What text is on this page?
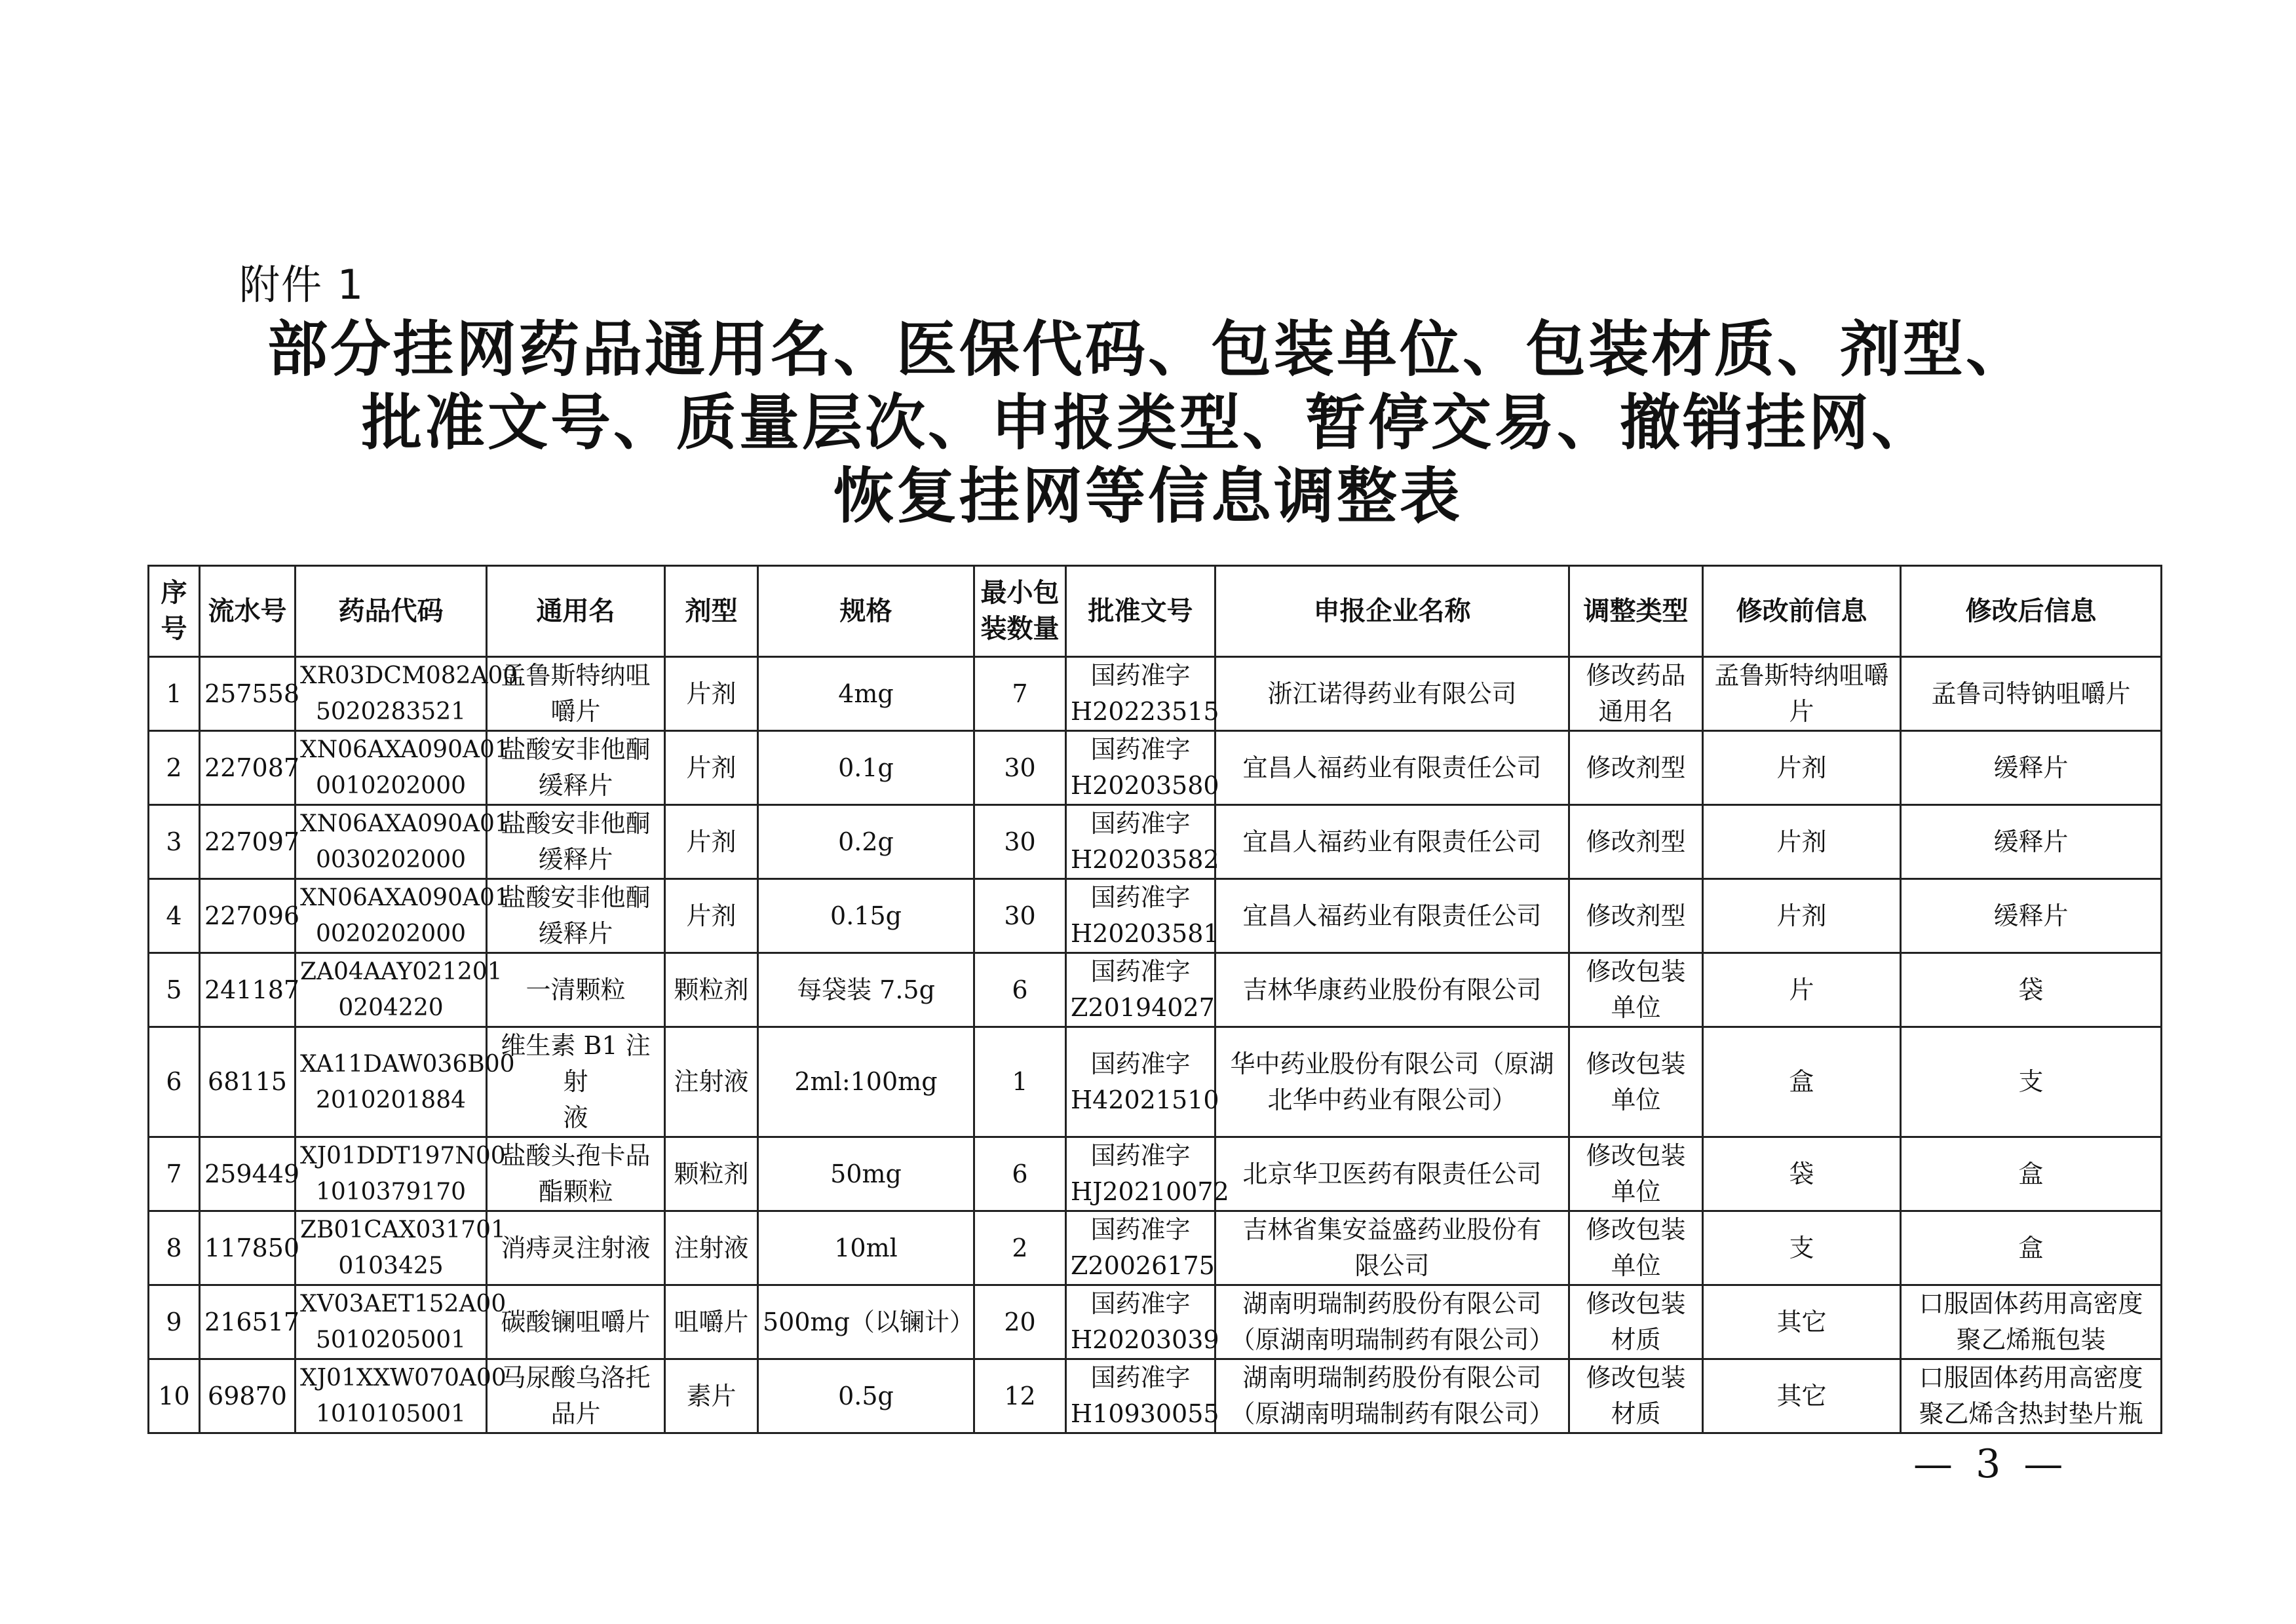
附件 1
部分挂网药品通用名、医保代码、包装单位、包装材质、剂型、
批准文号、质量层次、申报类型、暂停交易、撤销挂网、
恢复挂网等信息调整表
序
号	流水号	药品代码	通用名	剂型	规格	最小包
装数量	批准文号	申报企业名称	调整类型	修改前信息	修改后信息
1	257558	XR03DCM082A00
5020283521	孟鲁斯特纳咀
嚼片	片剂	4mg	7	国药准字
H20223515	浙江诺得药业有限公司	修改药品
通用名	孟鲁斯特纳咀嚼
片	孟鲁司特钠咀嚼片
2	227087	XN06AXA090A01
0010202000	盐酸安非他酮
缓释片	片剂	0.1g	30	国药准字
H20203580	宜昌人福药业有限责任公司	修改剂型	片剂	缓释片
3	227097	XN06AXA090A01
0030202000	盐酸安非他酮
缓释片	片剂	0.2g	30	国药准字
H20203582	宜昌人福药业有限责任公司	修改剂型	片剂	缓释片
4	227096	XN06AXA090A01
0020202000	盐酸安非他酮
缓释片	片剂	0.15g	30	国药准字
H20203581	宜昌人福药业有限责任公司	修改剂型	片剂	缓释片
5	241187	ZA04AAY021201
0204220	一清颗粒	颗粒剂	每袋装 7.5g	6	国药准字
Z20194027	吉林华康药业股份有限公司	修改包装
单位	片	袋
6	68115	XA11DAW036B00
2010201884	维生素 B1 注射
液	注射液	2ml:100mg	1	国药准字
H42021510	华中药业股份有限公司（原湖
北华中药业有限公司）	修改包装
单位	盒	支
7	259449	XJ01DDT197N00
1010379170	盐酸头孢卡品
酯颗粒	颗粒剂	50mg	6	国药准字
HJ20210072	北京华卫医药有限责任公司	修改包装
单位	袋	盒
8	117850	ZB01CAX031701
0103425	消痔灵注射液	注射液	10ml	2	国药准字
Z20026175	吉林省集安益盛药业股份有
限公司	修改包装
单位	支	盒
9	216517	XV03AET152A00
5010205001	碳酸镧咀嚼片	咀嚼片	500mg（以镧计）	20	国药准字
H20203039	湖南明瑞制药股份有限公司
（原湖南明瑞制药有限公司）	修改包装
材质	其它	口服固体药用高密度
聚乙烯瓶包装
10	69870	XJ01XXW070A00
1010105001	马尿酸乌洛托
品片	素片	0.5g	12	国药准字
H10930055	湖南明瑞制药股份有限公司
（原湖南明瑞制药有限公司）	修改包装
材质	其它	口服固体药用高密度
聚乙烯含热封垫片瓶
— 3 —
